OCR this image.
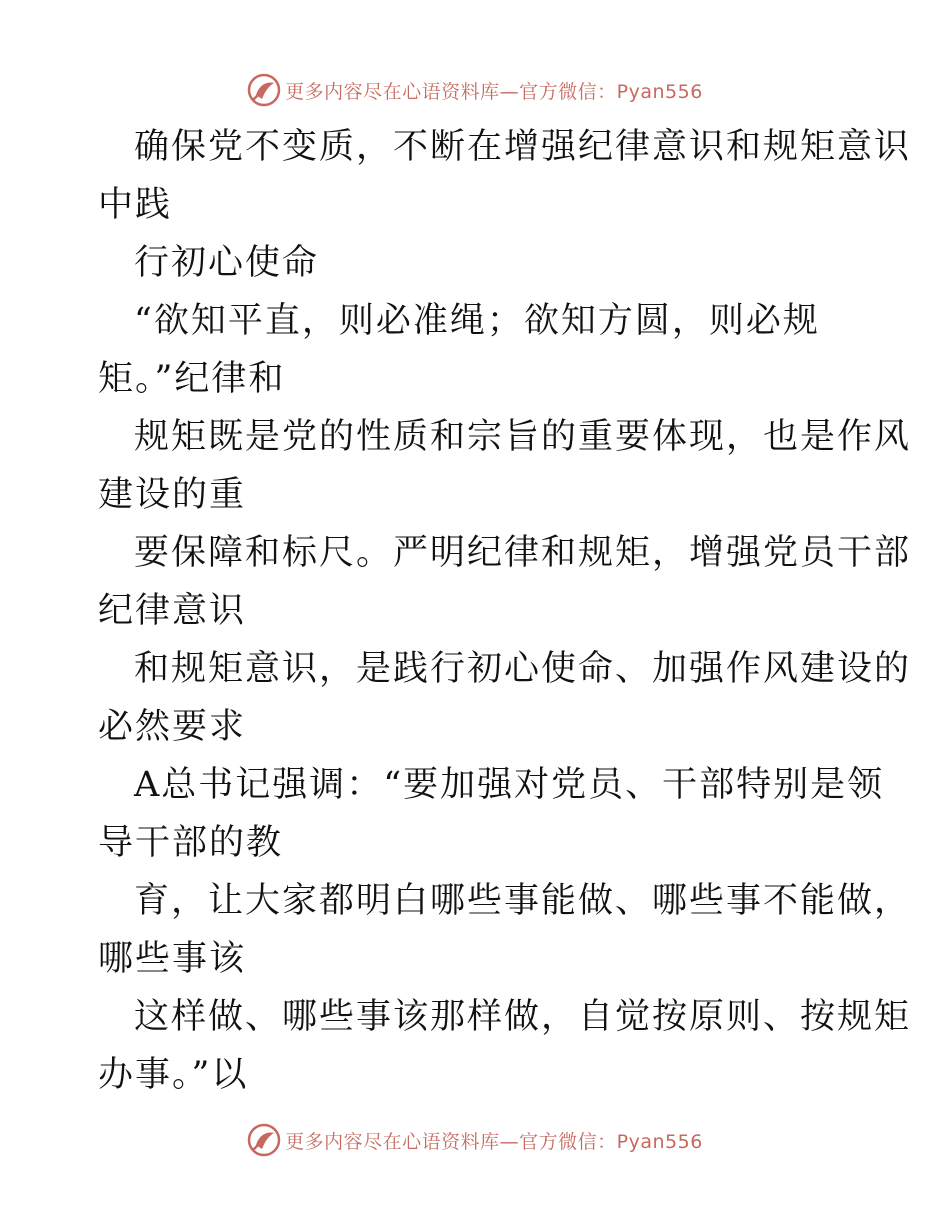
更多内容尽在心语资料库—官方微信：Pyan556

确保党不变质，不断在增强纪律意识和规矩意识
中践

行初心使命

“欲知平直，则必准绳；欲知方圆，则必规
矩。”纪律和

规矩既是党的性质和宗旨的重要体现，也是作风
建设的重

要保障和标尺。严明纪律和规矩，增强党员干部
纪律意识

和规矩意识，是践行初心使命、加强作风建设的
必然要求

A总书记强调：“要加强对党员、干部特别是领
导干部的教

育，让大家都明白哪些事能做、哪些事不能做，
哪些事该

这样做、哪些事该那样做，自觉按原则、按规矩
办事。”以

更多内容尽在心语资料库—官方微信：Pyan556
